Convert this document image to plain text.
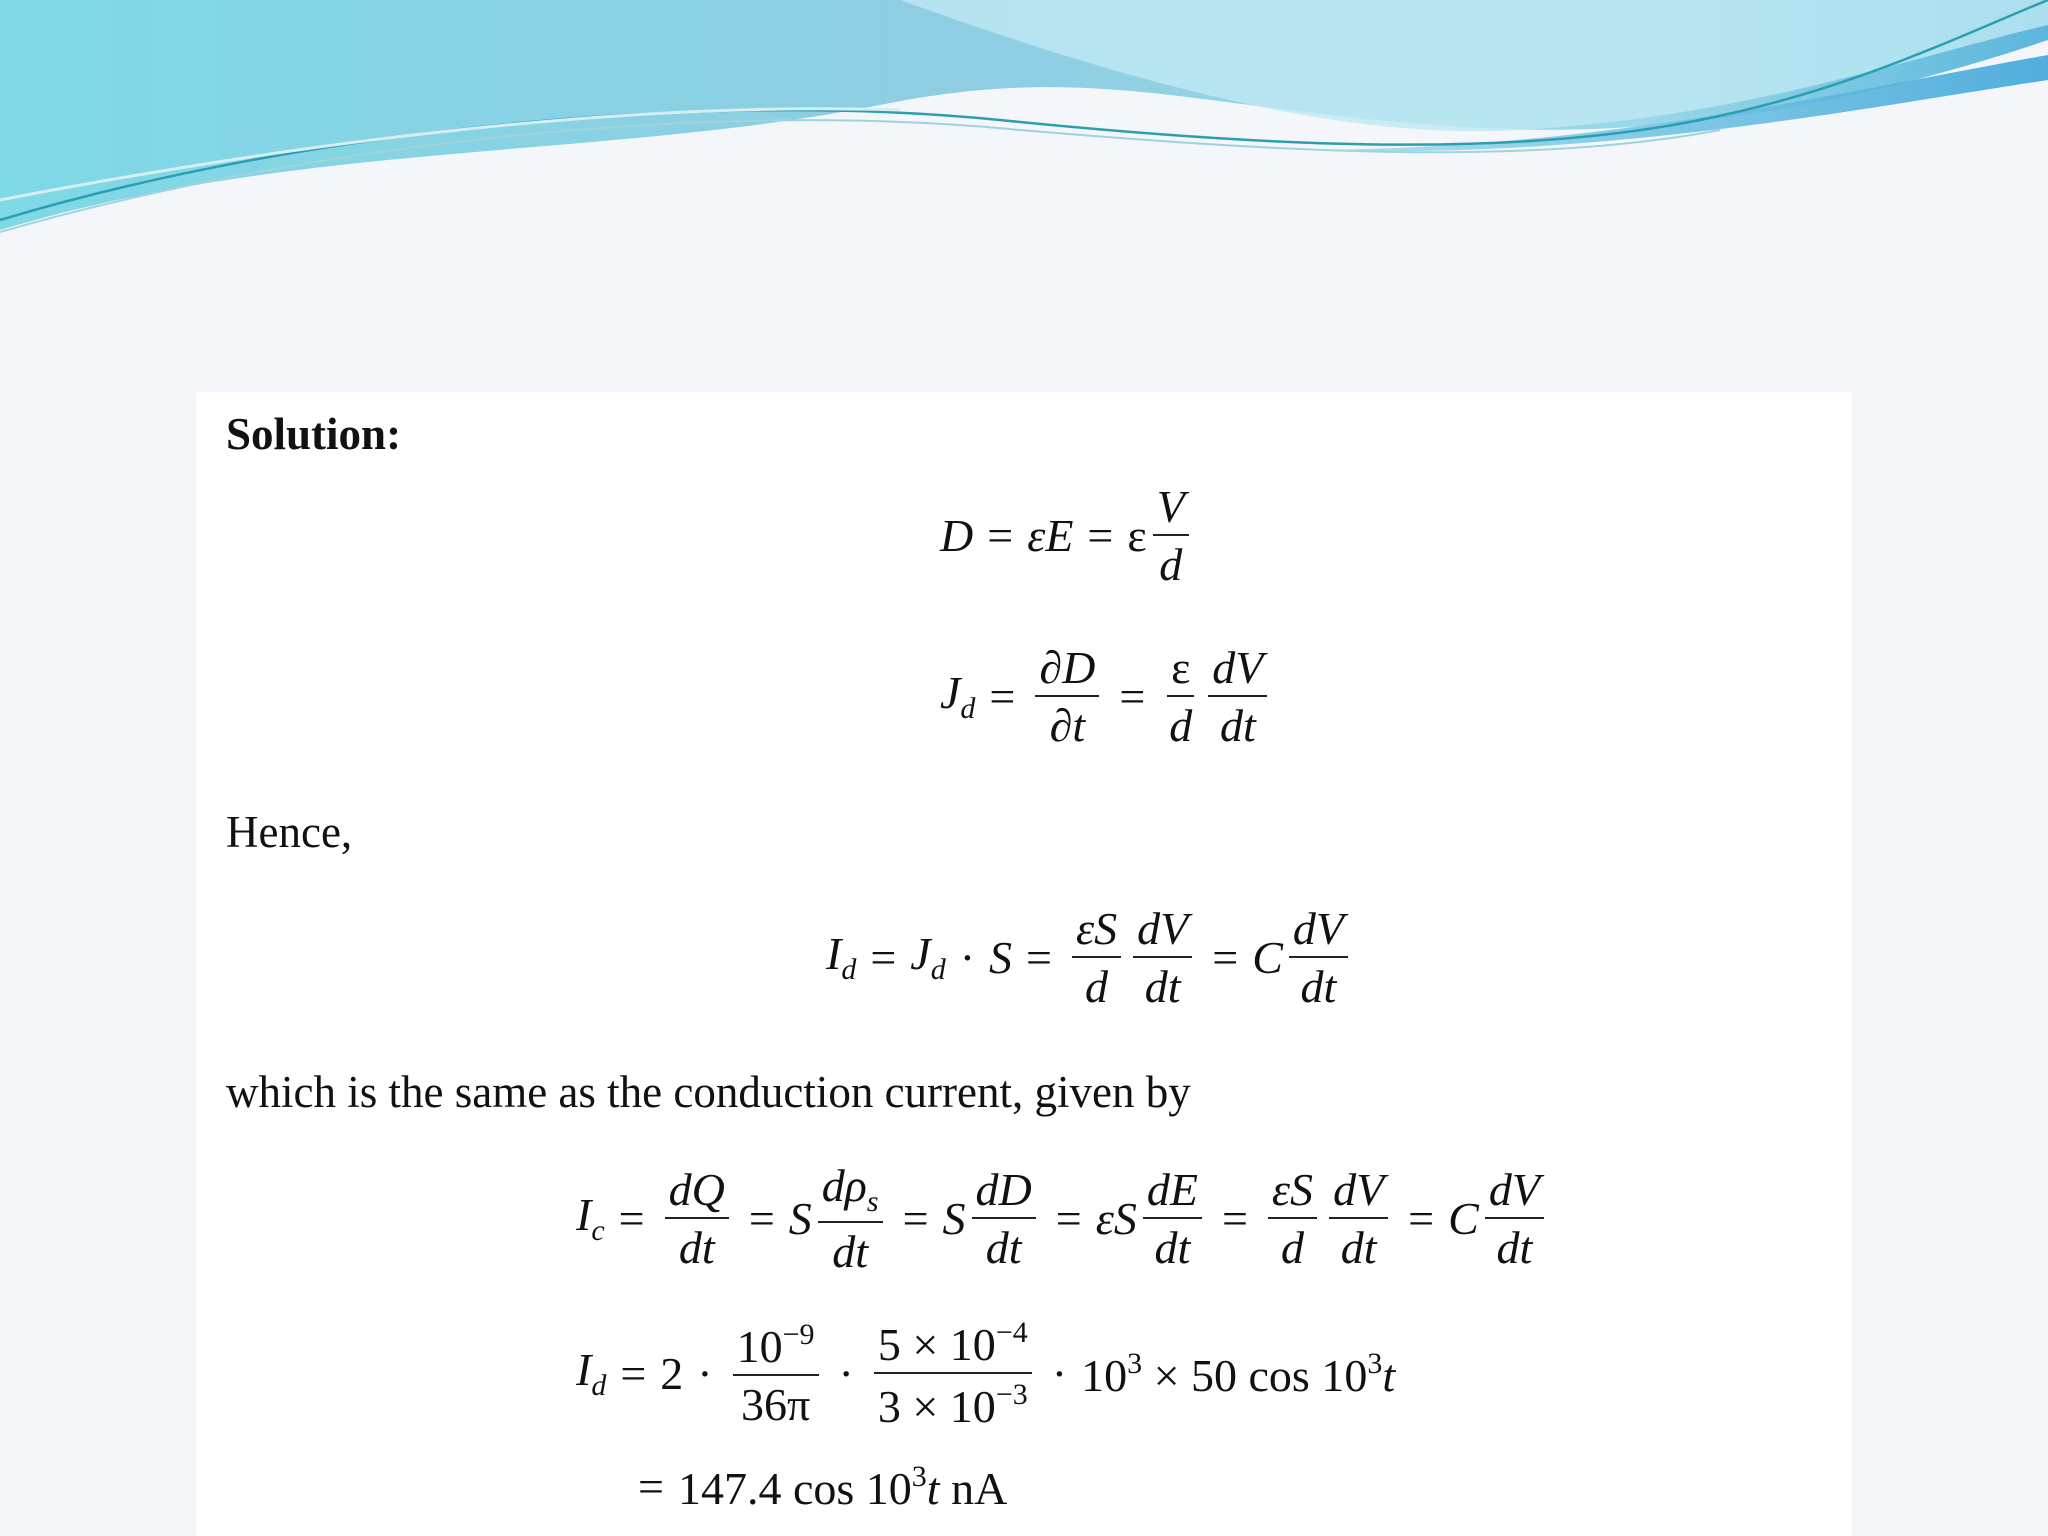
Solution:
D = εE = ε $\frac{V}{d}$
$J_d = \frac{\partial D}{\partial t} = \frac{\varepsilon}{d} \frac{dV}{dt}$
Hence,
$I_d = J_d \cdot S = \frac{\varepsilon S}{d} \frac{dV}{dt} = C \frac{dV}{dt}$
which is the same as the conduction current, given by
$I_c = \frac{dQ}{dt} = S \frac{d\rho_s}{dt} = S \frac{dD}{dt} = \varepsilon S \frac{dE}{dt} = \frac{\varepsilon S}{d} \frac{dV}{dt} = C \frac{dV}{dt}$
$I_d = 2 \cdot \frac{10^{-9}}{36\pi} \cdot \frac{5 \times 10^{-4}}{3 \times 10^{-3}} \cdot 10^3 \times 50$ $\cos 10^3t$
= 147.4 $\cos 10^3t$ nA
